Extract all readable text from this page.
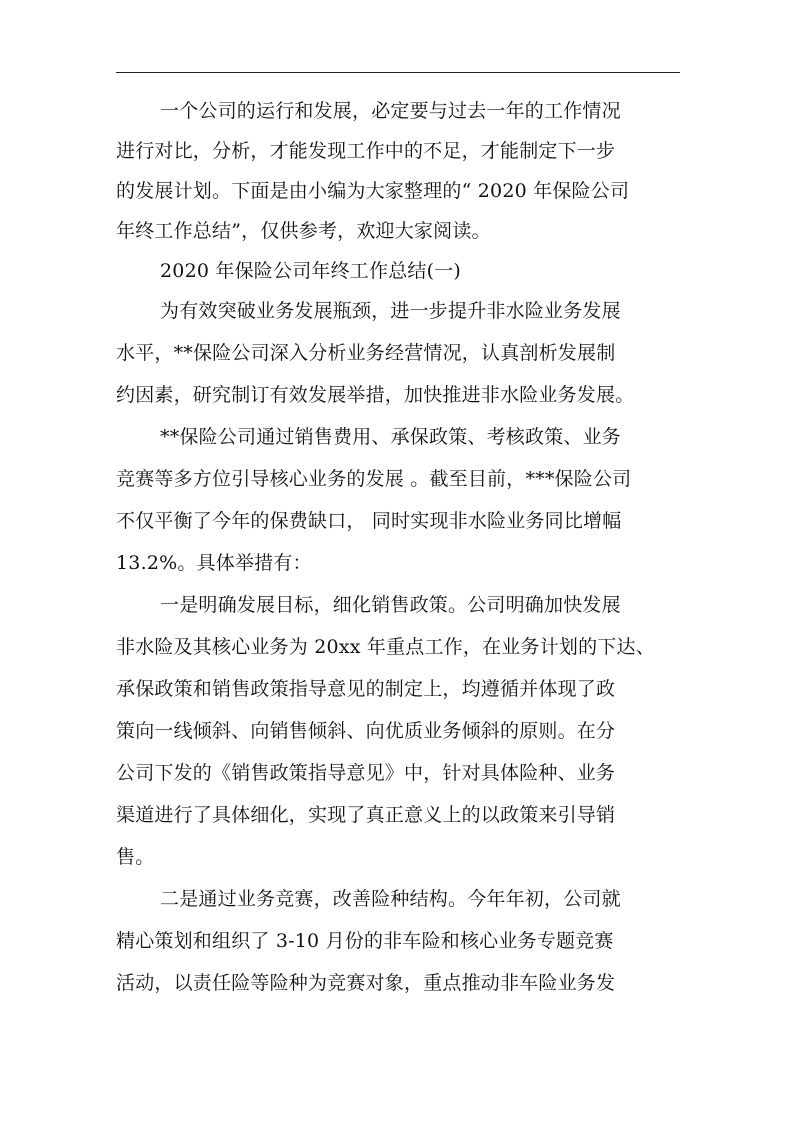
一个公司的运行和发展，必定要与过去一年的工作情况
进行对比，分析，才能发现工作中的不足，才能制定下一步
的发展计划。下面是由小编为大家整理的“ 2020 年保险公司
年终工作总结”，仅供参考，欢迎大家阅读。
2020 年保险公司年终工作总结(一)
为有效突破业务发展瓶颈，进一步提升非水险业务发展
水平，**保险公司深入分析业务经营情况，认真剖析发展制
约因素，研究制订有效发展举措，加快推进非水险业务发展。
**保险公司通过销售费用、承保政策、考核政策、业务
竞赛等多方位引导核心业务的发展 。截至目前，***保险公司
不仅平衡了今年的保费缺口， 同时实现非水险业务同比增幅
13.2%。具体举措有：
一是明确发展目标，细化销售政策。公司明确加快发展
非水险及其核心业务为 20xx 年重点工作，在业务计划的下达、
承保政策和销售政策指导意见的制定上，均遵循并体现了政
策向一线倾斜、向销售倾斜、向优质业务倾斜的原则。在分
公司下发的《销售政策指导意见》中，针对具体险种、业务
渠道进行了具体细化，实现了真正意义上的以政策来引导销
售。
二是通过业务竞赛，改善险种结构。今年年初，公司就
精心策划和组织了 3-10 月份的非车险和核心业务专题竞赛
活动，以责任险等险种为竞赛对象，重点推动非车险业务发
